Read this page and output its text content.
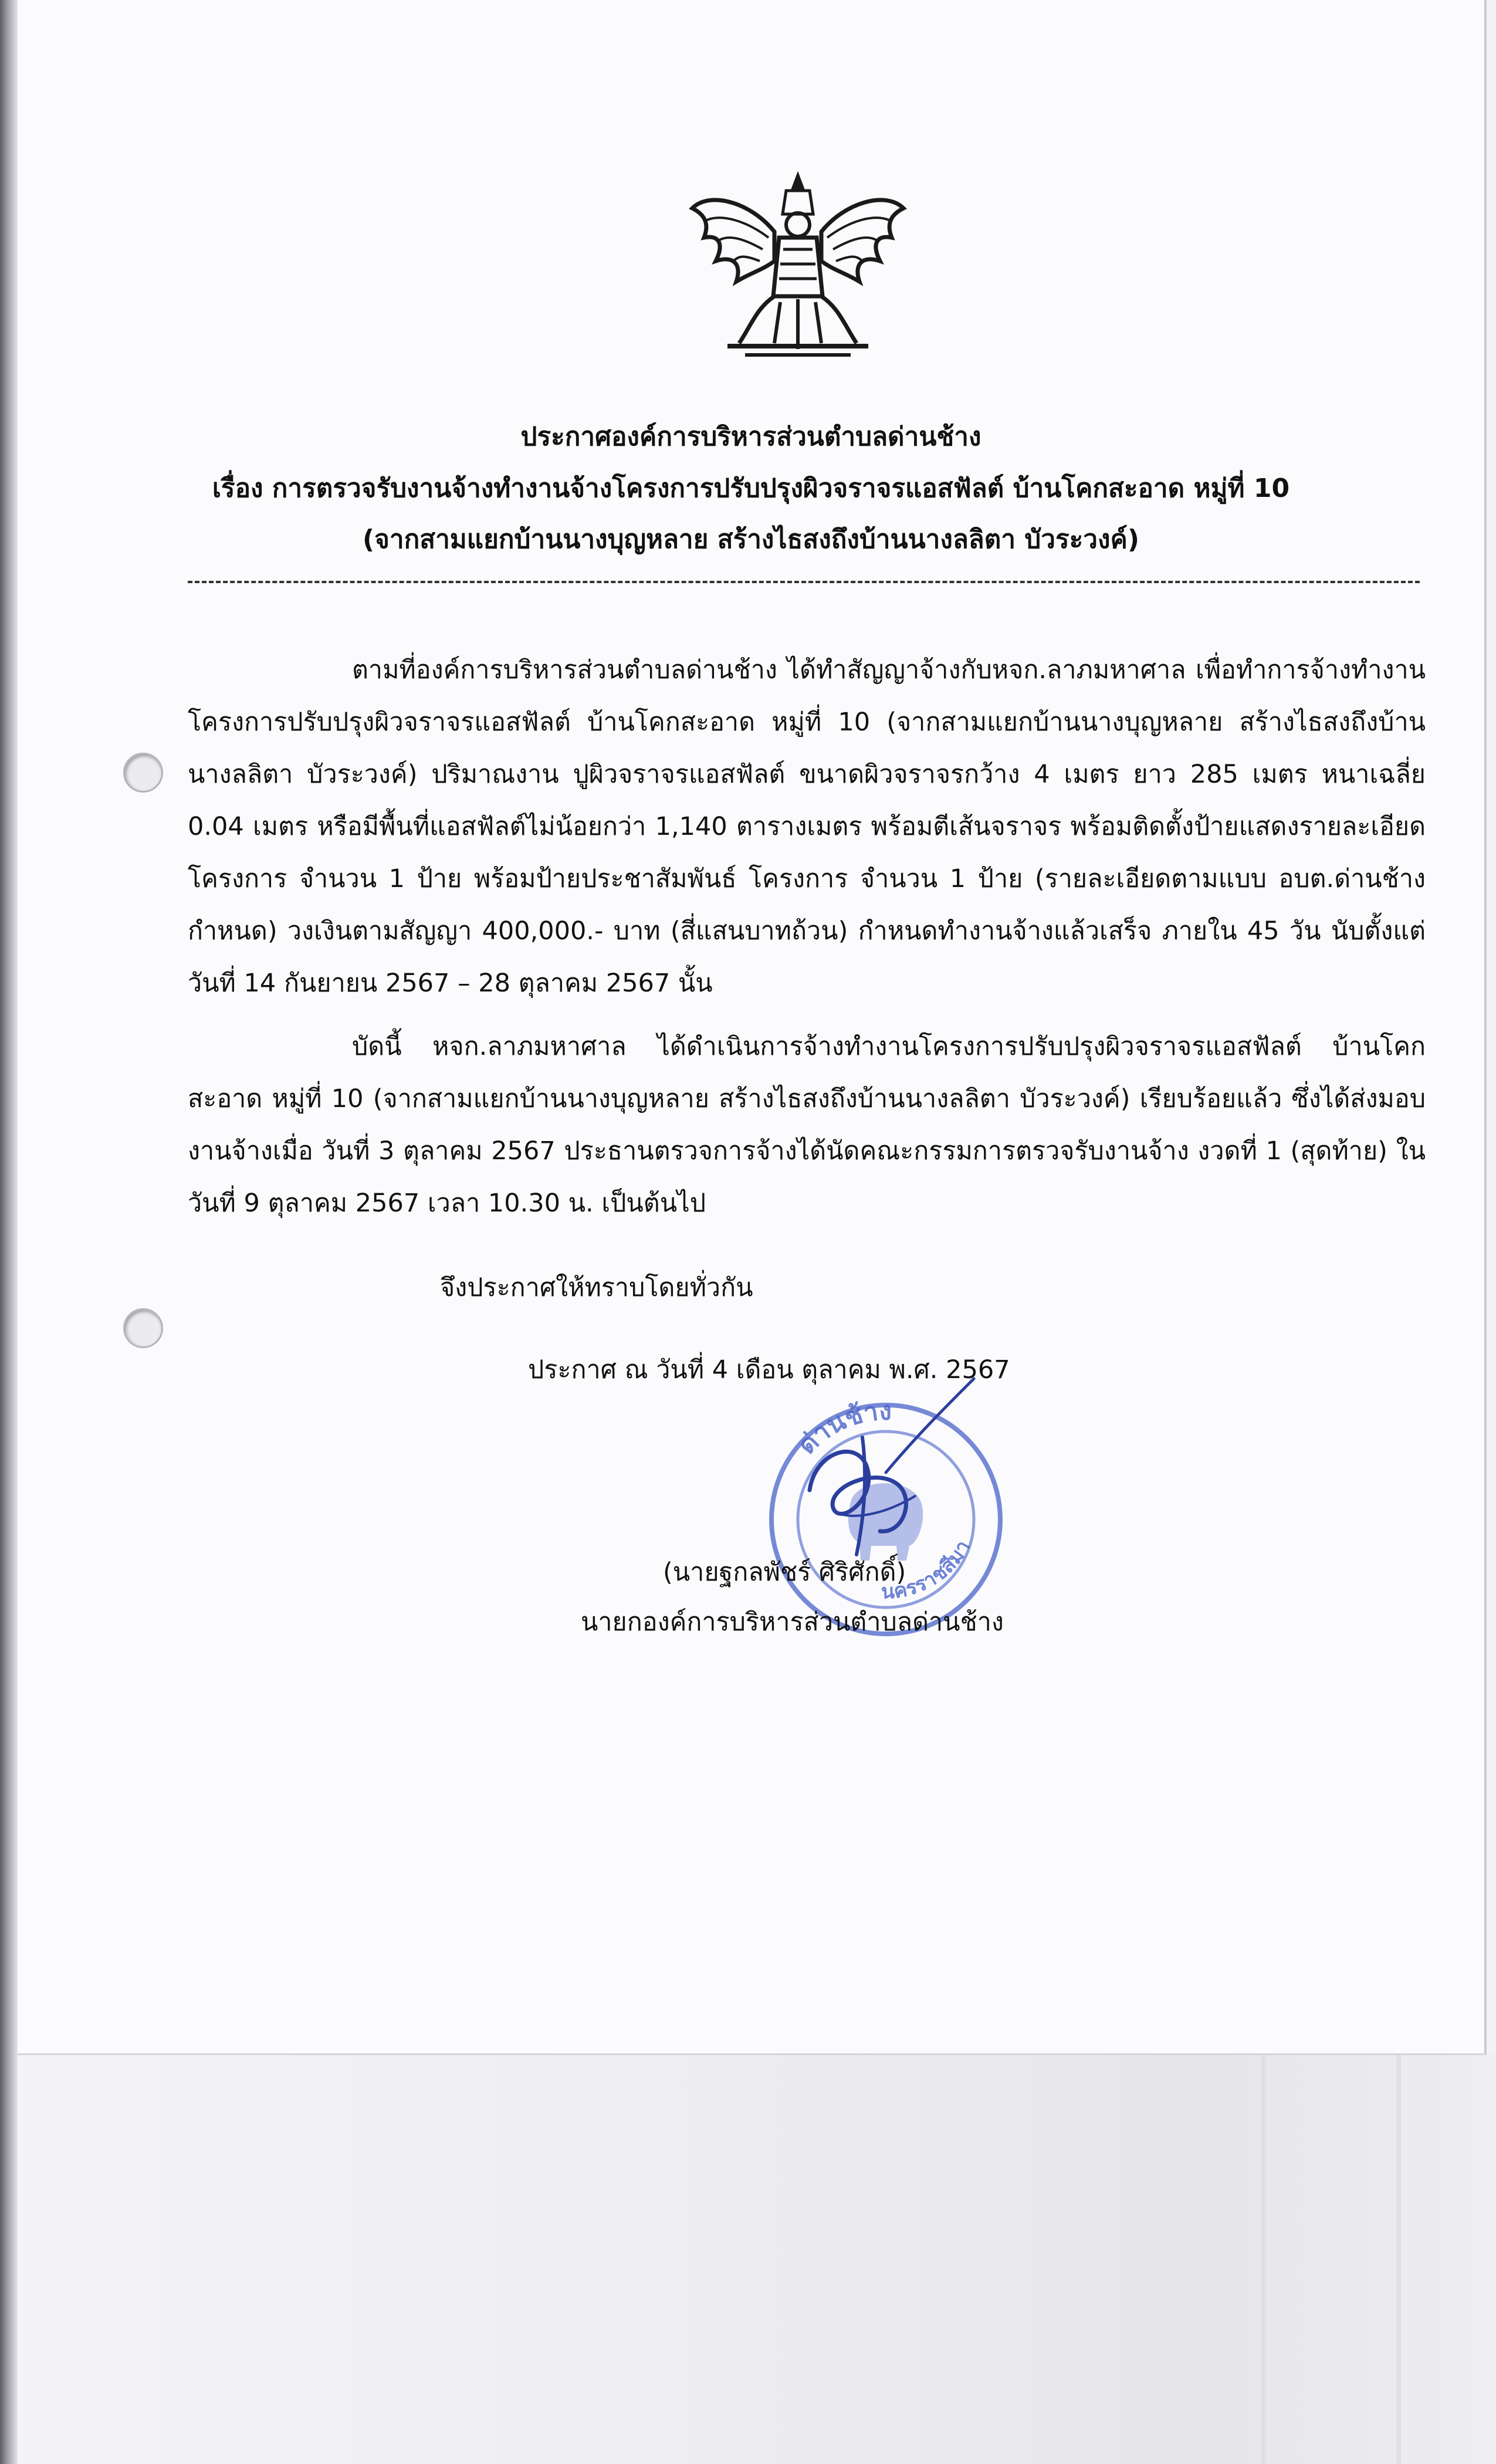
ประกาศองค์การบริหารส่วนตำบลด่านช้าง
เรื่อง การตรวจรับงานจ้างทำงานจ้างโครงการปรับปรุงผิวจราจรแอสฟัลต์ บ้านโคกสะอาด หมู่ที่ 10
(จากสามแยกบ้านนางบุญหลาย สร้างไธสงถึงบ้านนางลลิตา บัวระวงค์)
ตามที่องค์การบริหารส่วนตำบลด่านช้าง ได้ทำสัญญาจ้างกับหจก.ลาภมหาศาล เพื่อทำการจ้างทำงานโครงการปรับปรุงผิวจราจรแอสฟัลต์ บ้านโคกสะอาด หมู่ที่ 10 (จากสามแยกบ้านนางบุญหลาย สร้างไธสงถึงบ้านนางลลิตา บัวระวงค์) ปริมาณงาน ปูผิวจราจรแอสฟัลต์ ขนาดผิวจราจรกว้าง 4 เมตร ยาว 285 เมตร หนาเฉลี่ย 0.04 เมตร หรือมีพื้นที่แอสฟัลต์ไม่น้อยกว่า 1,140 ตารางเมตร พร้อมตีเส้นจราจร พร้อมติดตั้งป้ายแสดงรายละเอียดโครงการ จำนวน 1 ป้าย พร้อมป้ายประชาสัมพันธ์ โครงการ จำนวน 1 ป้าย (รายละเอียดตามแบบ อบต.ด่านช้างกำหนด) วงเงินตามสัญญา 400,000.- บาท (สี่แสนบาทถ้วน) กำหนดทำงานจ้างแล้วเสร็จ ภายใน 45 วัน นับตั้งแต่ วันที่ 14 กันยายน 2567 – 28 ตุลาคม 2567 นั้น
บัดนี้ หจก.ลาภมหาศาล ได้ดำเนินการจ้างทำงานโครงการปรับปรุงผิวจราจรแอสฟัลต์ บ้านโคกสะอาด หมู่ที่ 10 (จากสามแยกบ้านนางบุญหลาย สร้างไธสงถึงบ้านนางลลิตา บัวระวงค์) เรียบร้อยแล้ว ซึ่งได้ส่งมอบงานจ้างเมื่อ วันที่ 3 ตุลาคม 2567 ประธานตรวจการจ้างได้นัดคณะกรรมการตรวจรับงานจ้าง งวดที่ 1 (สุดท้าย) ในวันที่ 9 ตุลาคม 2567 เวลา 10.30 น. เป็นต้นไป
จึงประกาศให้ทราบโดยทั่วกัน
ประกาศ ณ วันที่ 4 เดือน ตุลาคม พ.ศ. 2567
ด่านช้าง
นครราชสีมา
(นายฐกลพัชร์ ศิริศักดิ์)
นายกองค์การบริหารส่วนตำบลด่านช้าง
